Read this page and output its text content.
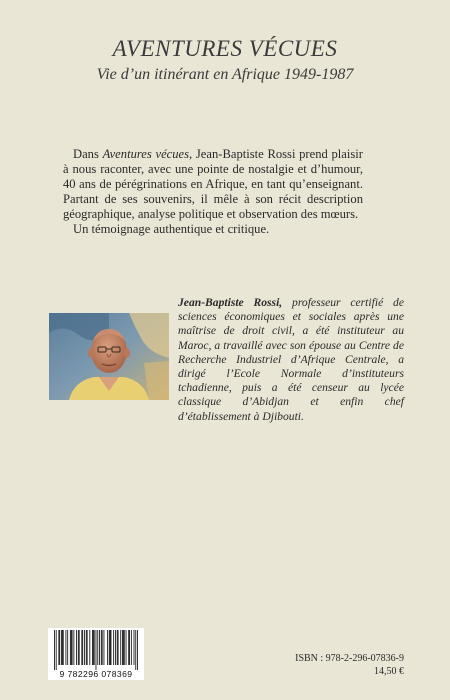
AVENTURES VÉCUES
Vie d’un itinérant en Afrique 1949-1987

Dans Aventures vécues, Jean-Baptiste Rossi prend plaisir à nous raconter, avec une pointe de nostalgie et d’humour, 40 ans de pérégrinations en Afrique, en tant qu’enseignant. Partant de ses souvenirs, il mêle à son récit description géographique, analyse politique et observation des mœurs.

Un témoignage authentique et critique.

Jean-Baptiste Rossi, professeur certifié de sciences économiques et sociales après une maîtrise de droit civil, a été instituteur au Maroc, a travaillé avec son épouse au Centre de Recherche Industriel d’Afrique Centrale, a dirigé l’Ecole Normale d’instituteurs tchadienne, puis a été censeur au lycée classique d’Abidjan et enfin chef d’établissement à Djibouti.
9 782296 078369
ISBN : 978-2-296-07836-9
14,50 €
